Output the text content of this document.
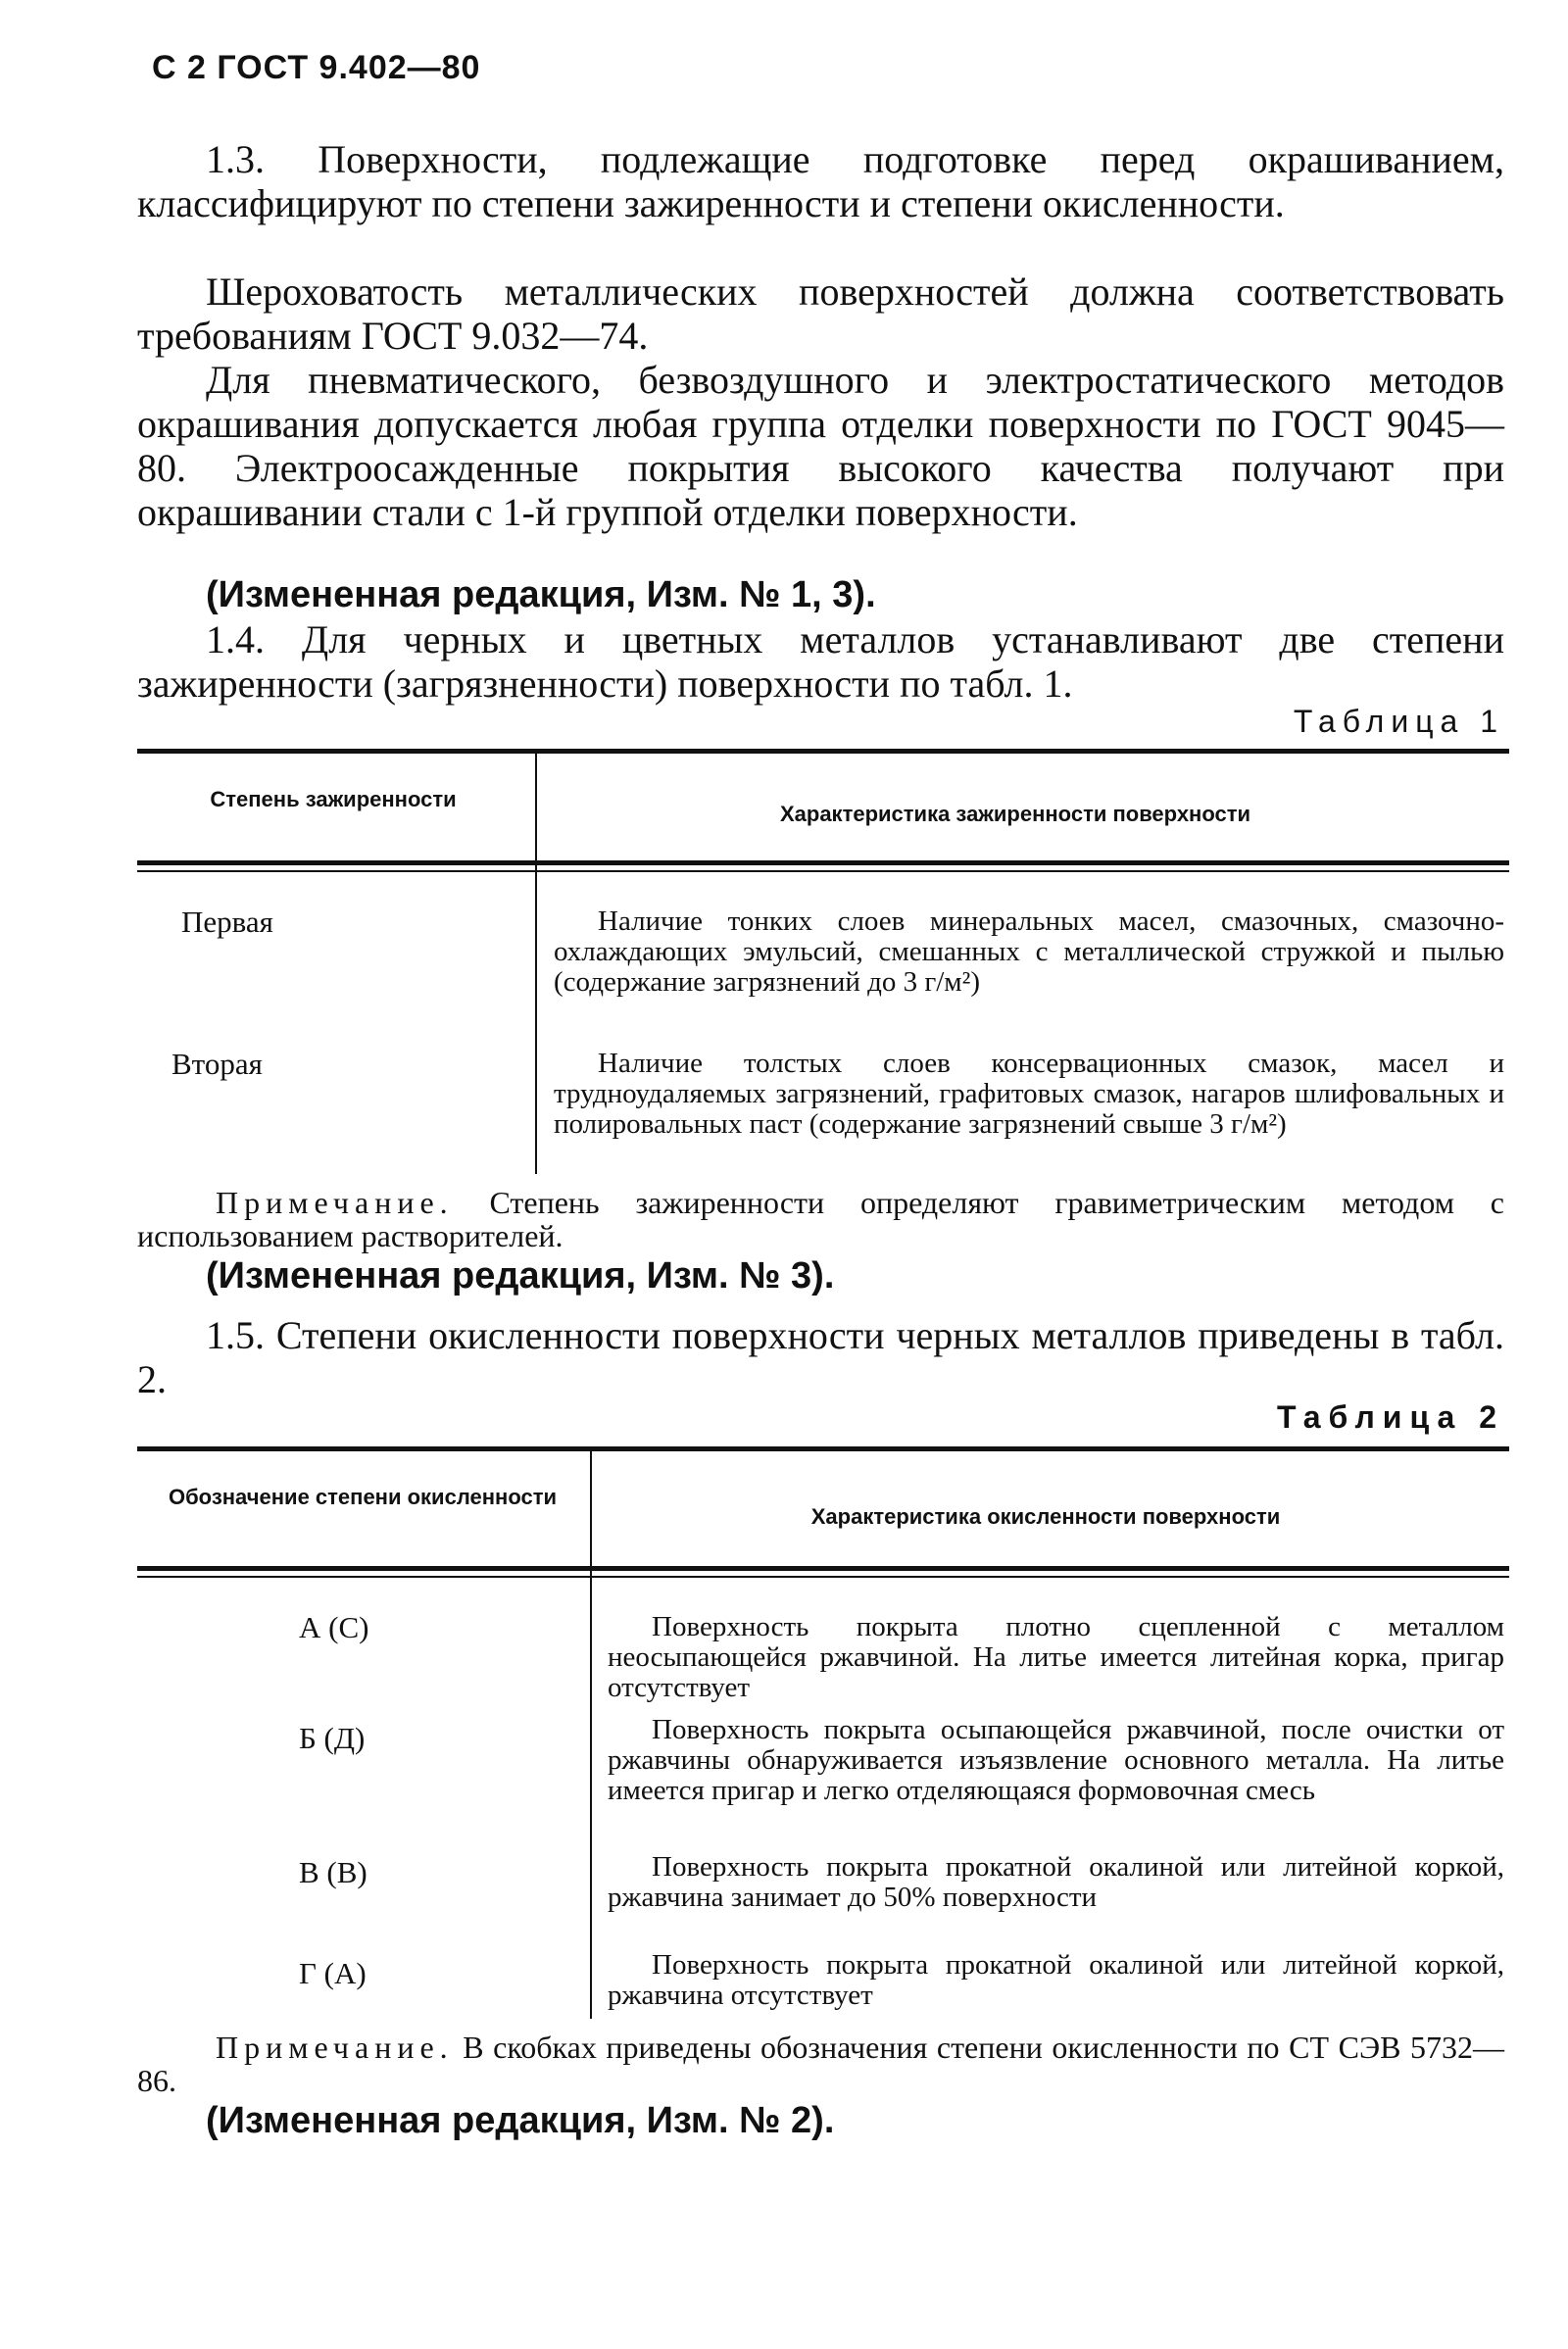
С 2 ГОСТ 9.402—80

1.3. Поверхности, подлежащие подготовке перед окрашиванием, классифицируют по степени зажиренности и степени окисленности.

Шероховатость металлических поверхностей должна соответствовать требованиям ГОСТ 9.032—74.

Для пневматического, безвоздушного и электростатического методов окрашивания допускается любая группа отделки поверхности по ГОСТ 9045—80. Электроосажденные покрытия высокого качества получают при окрашивании стали с 1-й группой отделки поверхности.

(Измененная редакция, Изм. № 1, 3).

1.4. Для черных и цветных металлов устанавливают две степени зажиренности (загрязненности) поверхности по табл. 1.

Таблица 1
Степень зажиренности
Характеристика зажиренности поверхности
Первая	Наличие тонких слоев минеральных масел, смазочных, смазочно-охлаждающих эмульсий, смешанных с металлической стружкой и пылью (содержание загрязнений до 3 г/м²)
Вторая	Наличие толстых слоев консервационных смазок, масел и трудноудаляемых загрязнений, графитовых смазок, нагаров шлифовальных и полировальных паст (содержание загрязнений свыше 3 г/м²)

Примечание. Степень зажиренности определяют гравиметрическим методом с использованием растворителей.

(Измененная редакция, Изм. № 3).

1.5. Степени окисленности поверхности черных металлов приведены в табл. 2.

Таблица 2
Обозначение степени окисленности
Характеристика окисленности поверхности
А (С)	Поверхность покрыта плотно сцепленной с металлом неосыпающейся ржавчиной. На литье имеется литейная корка, пригар отсутствует
Б (Д)	Поверхность покрыта осыпающейся ржавчиной, после очистки от ржавчины обнаруживается изъязвление основного металла. На литье имеется пригар и легко отделяющаяся формовочная смесь
В (В)	Поверхность покрыта прокатной окалиной или литейной коркой, ржавчина занимает до 50% поверхности
Г (А)	Поверхность покрыта прокатной окалиной или литейной коркой, ржавчина отсутствует

Примечание. В скобках приведены обозначения степени окисленности по СТ СЭВ 5732—86.

(Измененная редакция, Изм. № 2).
